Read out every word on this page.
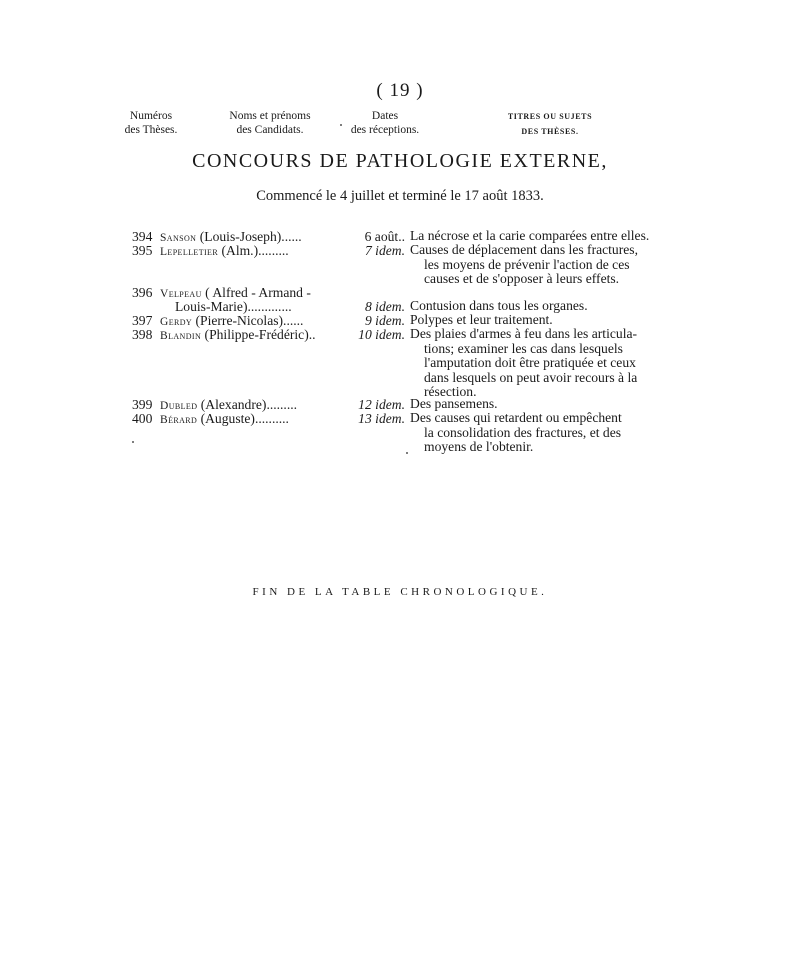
( 19 )
Numéros
des Thèses.
Noms et prénoms
des Candidats.
Dates
des réceptions.
TITRES OU SUJETS
DES THÈSES.
CONCOURS DE PATHOLOGIE EXTERNE,
Commencé le 4 juillet et terminé le 17 août 1833.
394 Sanson (Louis-Joseph)......	6 août.. La nécrose et la carie comparées entre elles.
395 Lepelletier (Alm.).........	7 idem. Causes de déplacement dans les fractures,
les moyens de prévenir l'action de ces
causes et de s'opposer à leurs effets.
396 Velpeau ( Alfred - Armand -
Louis-Marie).............	8 idem. Contusion dans tous les organes.
397 Gerdy (Pierre-Nicolas)......	9 idem. Polypes et leur traitement.
398 Blandin (Philippe-Frédéric)..	10 idem. Des plaies d'armes à feu dans les articula-
tions; examiner les cas dans lesquels
l'amputation doit être pratiquée et ceux
dans lesquels on peut avoir recours à la
résection.
399 Dubled (Alexandre).........	12 idem. Des pansemens.
400 Bérard (Auguste)..........	13 idem. Des causes qui retardent ou empêchent
la consolidation des fractures, et des
moyens de l'obtenir.
FIN DE LA TABLE CHRONOLOGIQUE.
